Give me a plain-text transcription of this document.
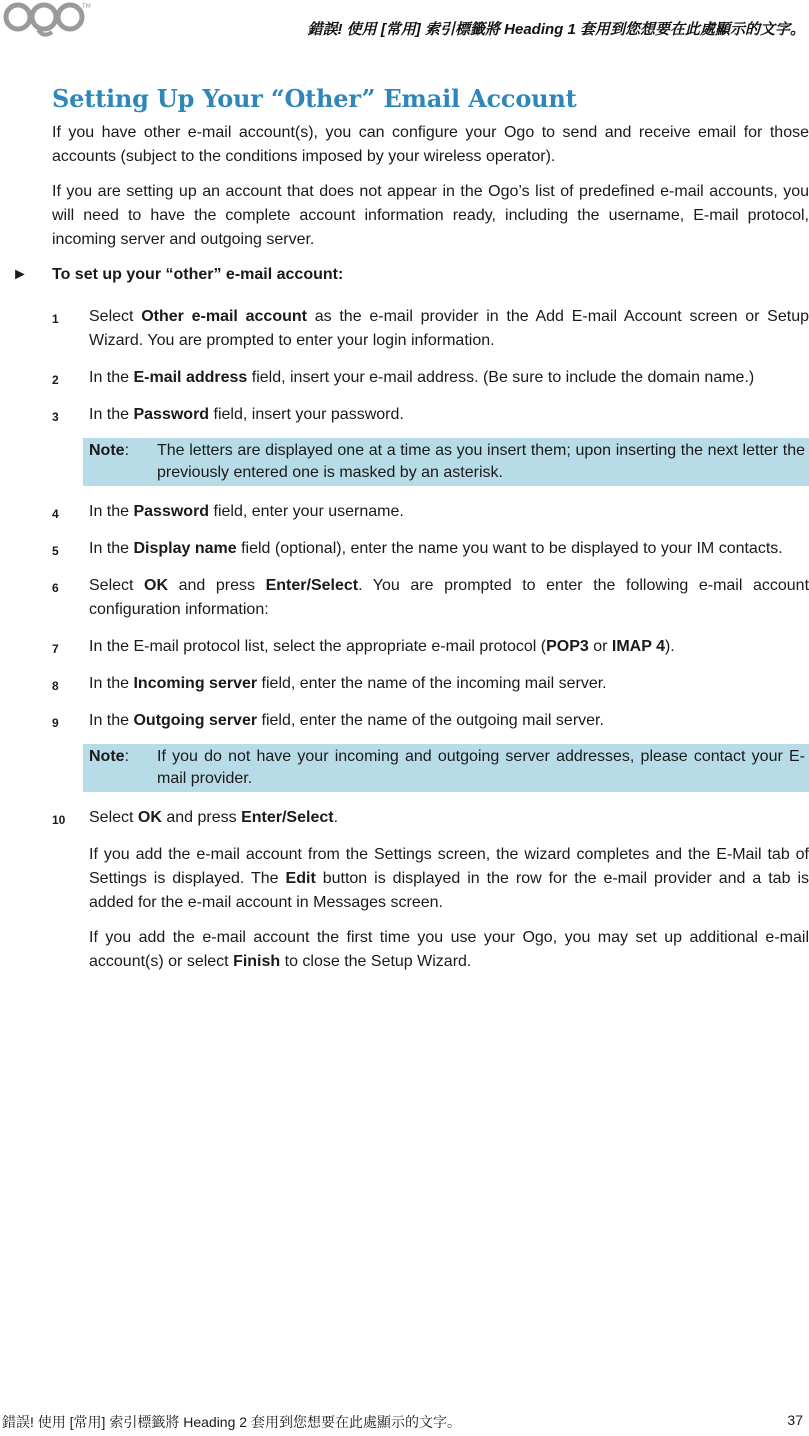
TM
錯誤! 使用 [常用] 索引標籤將 Heading 1 套用到您想要在此處顯示的文字。
Setting Up Your “Other” Email Account

If you have other e-mail account(s), you can configure your Ogo to send and receive email for those accounts (subject to the conditions imposed by your wireless operator).

If you are setting up an account that does not appear in the Ogo’s list of predefined e-mail accounts, you will need to have the complete account information ready, including the username, E-mail protocol, incoming server and outgoing server.

► To set up your “other” e-mail account:
1 Select Other e-mail account as the e-mail provider in the Add E-mail Account screen or Setup Wizard. You are prompted to enter your login information.
2 In the E-mail address field, insert your e-mail address. (Be sure to include the domain name.)
3 In the Password field, insert your password.
Note:	The letters are displayed one at a time as you insert them; upon inserting the next letter the previously entered one is masked by an asterisk.
4 In the Password field, enter your username.
5 In the Display name field (optional), enter the name you want to be displayed to your IM contacts.
6 Select OK and press Enter/Select. You are prompted to enter the following e-mail account configuration information:
7 In the E-mail protocol list, select the appropriate e-mail protocol (POP3 or IMAP 4).
8 In the Incoming server field, enter the name of the incoming mail server.
9 In the Outgoing server field, enter the name of the outgoing mail server.
Note:	If you do not have your incoming and outgoing server addresses, please contact your E-mail provider.
10 Select OK and press Enter/Select.

If you add the e-mail account from the Settings screen, the wizard completes and the E-Mail tab of Settings is displayed. The Edit button is displayed in the row for the e-mail provider and a tab is added for the e-mail account in Messages screen.

If you add the e-mail account the first time you use your Ogo, you may set up additional e-mail account(s) or select Finish to close the Setup Wizard.

錯誤! 使用 [常用] 索引標籤將 Heading 2 套用到您想要在此處顯示的文字。	37
